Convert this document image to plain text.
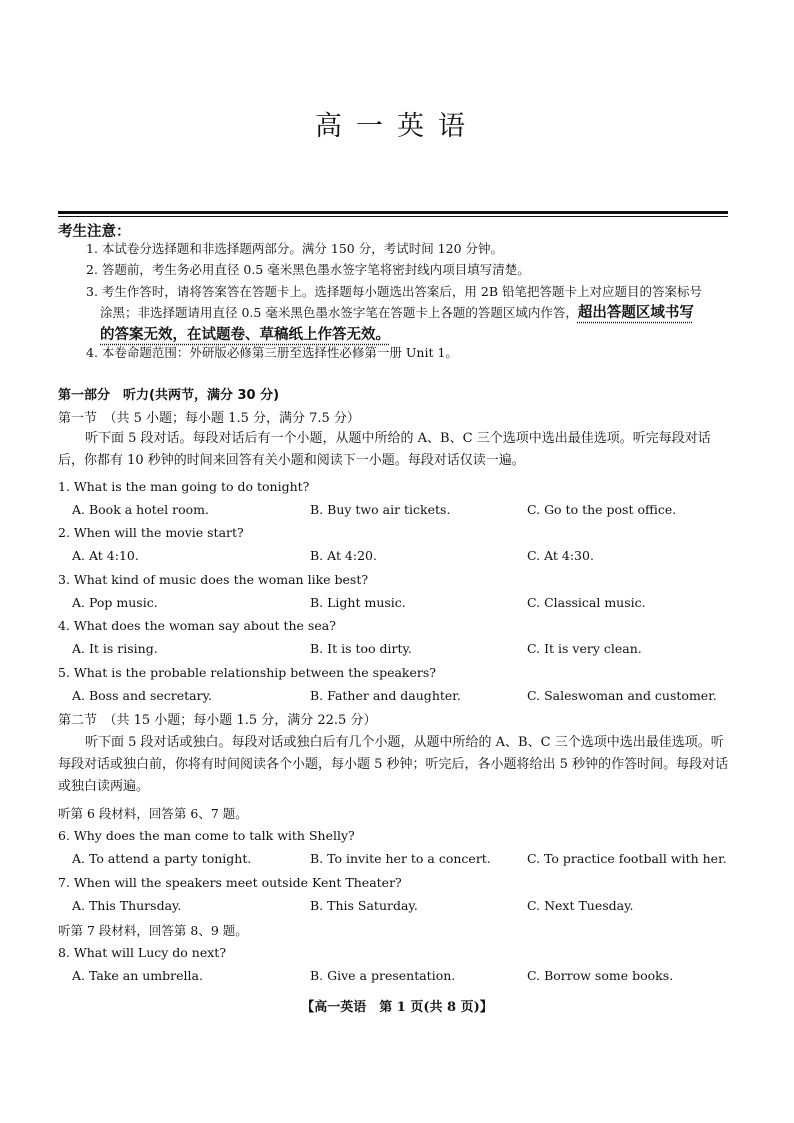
高一英语
考生注意：
1. 本试卷分选择题和非选择题两部分。满分 150 分，考试时间 120 分钟。
2. 答题前，考生务必用直径 0.5 毫米黑色墨水签字笔将密封线内项目填写清楚。
3. 考生作答时，请将答案答在答题卡上。选择题每小题选出答案后，用 2B 铅笔把答题卡上对应题目的答案标号
涂黑；非选择题请用直径 0.5 毫米黑色墨水签字笔在答题卡上各题的答题区域内作答，超出答题区域书写
的答案无效，在试题卷、草稿纸上作答无效。
4. 本卷命题范围：外研版必修第三册至选择性必修第一册 Unit 1。
第一部分　听力(共两节，满分 30 分)
第一节　（共 5 小题；每小题 1.5 分，满分 7.5 分）
听下面 5 段对话。每段对话后有一个小题，从题中所给的 A、B、C 三个选项中选出最佳选项。听完每段对话后，你都有 10 秒钟的时间来回答有关小题和阅读下一小题。每段对话仅读一遍。
1. What is the man going to do tonight?
A. Book a hotel room.	B. Buy two air tickets.	C. Go to the post office.
2. When will the movie start?
A. At 4:10.	B. At 4:20.	C. At 4:30.
3. What kind of music does the woman like best?
A. Pop music.	B. Light music.	C. Classical music.
4. What does the woman say about the sea?
A. It is rising.	B. It is too dirty.	C. It is very clean.
5. What is the probable relationship between the speakers?
A. Boss and secretary.	B. Father and daughter.	C. Saleswoman and customer.
第二节　（共 15 小题；每小题 1.5 分，满分 22.5 分）
听下面 5 段对话或独白。每段对话或独白后有几个小题，从题中所给的 A、B、C 三个选项中选出最佳选项。听每段对话或独白前，你将有时间阅读各个小题，每小题 5 秒钟；听完后，各小题将给出 5 秒钟的作答时间。每段对话或独白读两遍。
听第 6 段材料，回答第 6、7 题。
6. Why does the man come to talk with Shelly?
A. To attend a party tonight.	B. To invite her to a concert.	C. To practice football with her.
7. When will the speakers meet outside Kent Theater?
A. This Thursday.	B. This Saturday.	C. Next Tuesday.
听第 7 段材料，回答第 8、9 题。
8. What will Lucy do next?
A. Take an umbrella.	B. Give a presentation.	C. Borrow some books.
【高一英语　第 1 页(共 8 页)】
